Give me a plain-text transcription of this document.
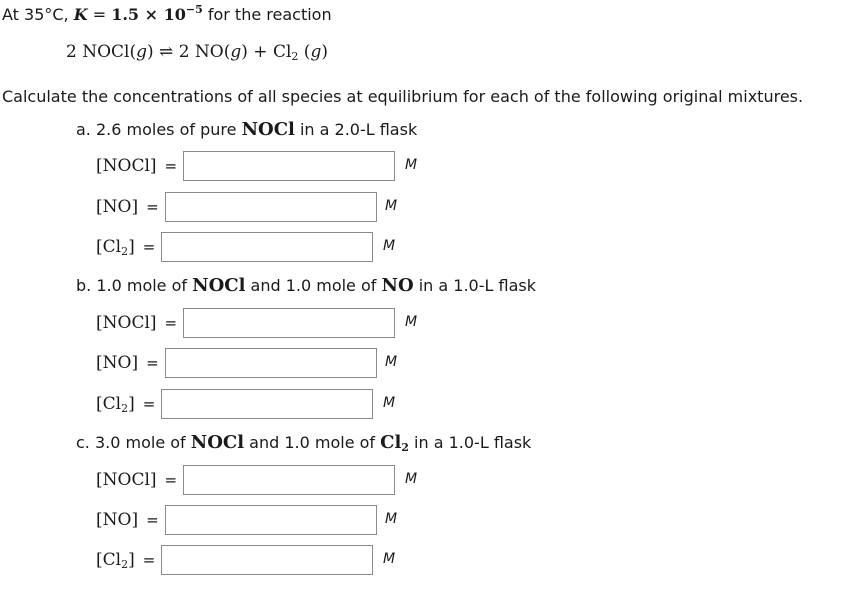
At 35°C, $K = 1.5 \times 10^{-5}$ for the reaction
2 NOCl(g) ⇌ 2 $NO(g) + Cl_2$ (g)
Calculate the concentrations of all species at equilibrium for each of the following original mixtures.
a. 2.6 moles of pure NOCl in a 2.0-L flask
[NOCl] =	M
[NO] =	M
$[Cl_2]$ =	M
b. 1.0 mole of NOCl and 1.0 mole of NO in a 1.0-L flask
[NOCl] =	M
[NO] =	M
$[Cl_2]$ =	M
c. 3.0 mole of NOCl and 1.0 mole of $Cl_2$ in a 1.0-L flask
[NOCl] =	M
[NO] =	M
$[Cl_2]$ =	M
